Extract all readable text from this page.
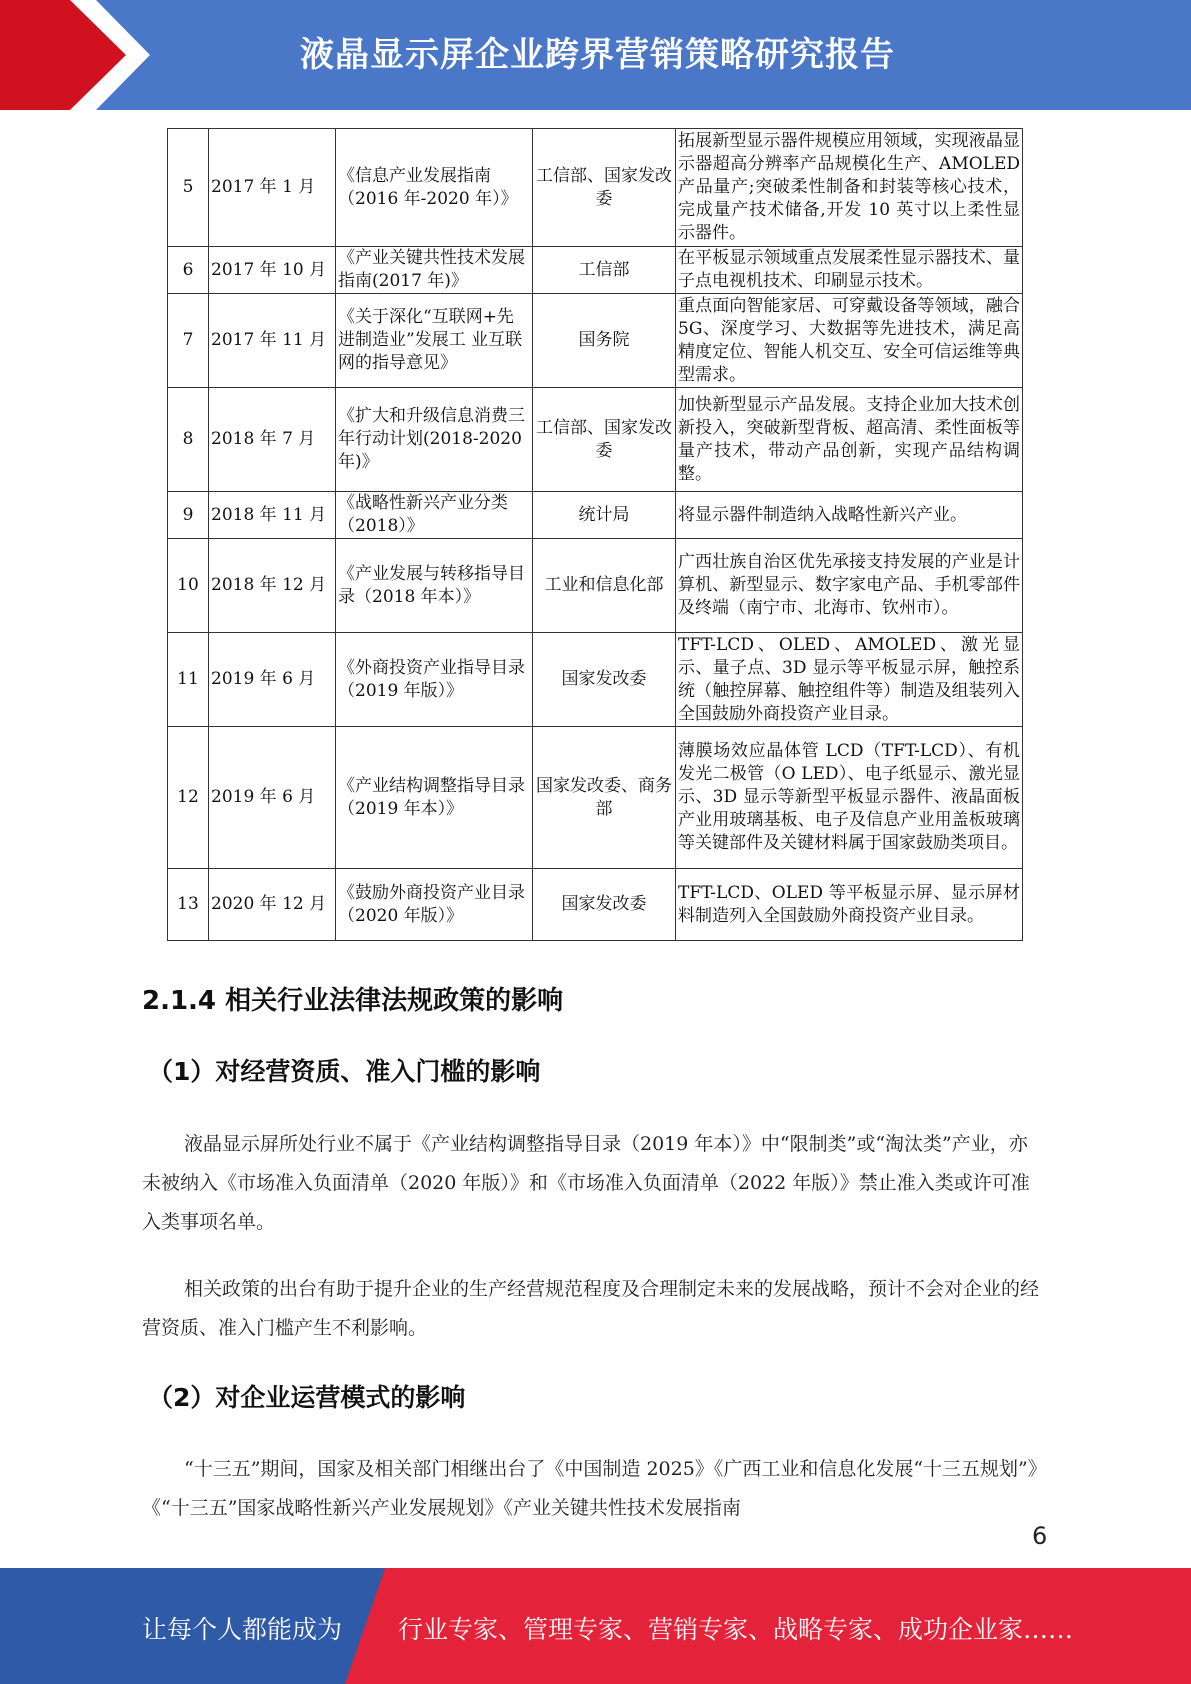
液晶显示屏企业跨界营销策略研究报告
5	2017 年 1 月	《信息产业发展指南（2016 年-2020 年）》	工信部、国家发改委	拓展新型显示器件规模应用领域，实现液晶显示器超高分辨率产品规模化生产、AMOLED 产品量产;突破柔性制备和封装等核心技术，完成量产技术储备,开发 10 英寸以上柔性显示器件。
6	2017 年 10 月	《产业关键共性技术发展指南(2017 年)》	工信部	在平板显示领域重点发展柔性显示器技术、量子点电视机技术、印刷显示技术。
7	2017 年 11 月	《关于深化“互联网+先进制造业”发展工 业互联网的指导意见》	国务院	重点面向智能家居、可穿戴设备等领域，融合 5G、深度学习、大数据等先进技术，满足高精度定位、智能人机交互、安全可信运维等典型需求。
8	2018 年 7 月	《扩大和升级信息消费三年行动计划(2018-2020 年)》	工信部、国家发改委	加快新型显示产品发展。支持企业加大技术创新投入，突破新型背板、超高清、柔性面板等量产技术，带动产品创新，实现产品结构调整。
9	2018 年 11 月	《战略性新兴产业分类（2018）》	统计局	将显示器件制造纳入战略性新兴产业。
10	2018 年 12 月	《产业发展与转移指导目录（2018 年本）》	工业和信息化部	广西壮族自治区优先承接支持发展的产业是计算机、新型显示、数字家电产品、手机零部件及终端（南宁市、北海市、钦州市）。
11	2019 年 6 月	《外商投资产业指导目录（2019 年版）》	国家发改委	TFT-LCD、OLED、AMOLED、激光显示、量子点、3D 显示等平板显示屏，触控系统（触控屏幕、触控组件等）制造及组装列入全国鼓励外商投资产业目录。
12	2019 年 6 月	《产业结构调整指导目录（2019 年本）》	国家发改委、商务部	薄膜场效应晶体管 LCD（TFT-LCD）、有机发光二极管（O LED）、电子纸显示、激光显示、3D 显示等新型平板显示器件、液晶面板产业用玻璃基板、电子及信息产业用盖板玻璃等关键部件及关键材料属于国家鼓励类项目。
13	2020 年 12 月	《鼓励外商投资产业目录（2020 年版）》	国家发改委	TFT-LCD、OLED 等平板显示屏、显示屏材料制造列入全国鼓励外商投资产业目录。
2.1.4 相关行业法律法规政策的影响
（1）对经营资质、准入门槛的影响
液晶显示屏所处行业不属于《产业结构调整指导目录（2019 年本）》中“限制类”或“淘汰类”产业，亦未被纳入《市场准入负面清单（2020 年版）》和《市场准入负面清单（2022 年版）》禁止准入类或许可准入类事项名单。
相关政策的出台有助于提升企业的生产经营规范程度及合理制定未来的发展战略，预计不会对企业的经营资质、准入门槛产生不利影响。
（2）对企业运营模式的影响
“十三五”期间，国家及相关部门相继出台了《中国制造 2025》《广西工业和信息化发展“十三五规划”》《“十三五”国家战略性新兴产业发展规划》《产业关键共性技术发展指南
6
让每个人都能成为 行业专家、管理专家、营销专家、战略专家、成功企业家……
